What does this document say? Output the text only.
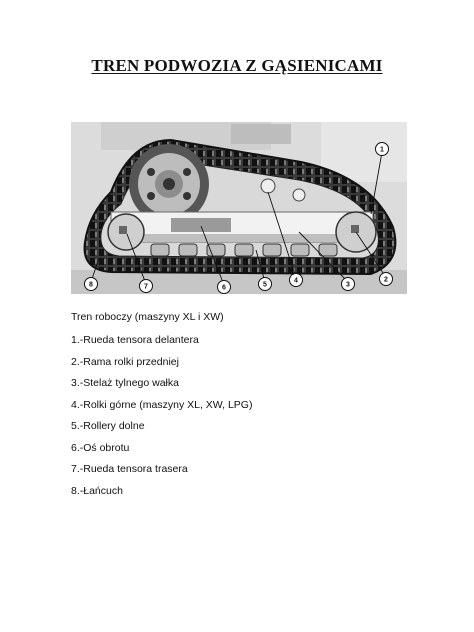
TREN PODWOZIA Z GĄSIENICAMI
1
2
3
4
5
6
7
8
Tren roboczy (maszyny XL i XW)
1.-Rueda tensora delantera
2.-Rama rolki przedniej
3.-Stelaż tylnego wałka
4.-Rolki górne (maszyny XL, XW, LPG)
5.-Rollery dolne
6.-Oś obrotu
7.-Rueda tensora trasera
8.-Łańcuch
